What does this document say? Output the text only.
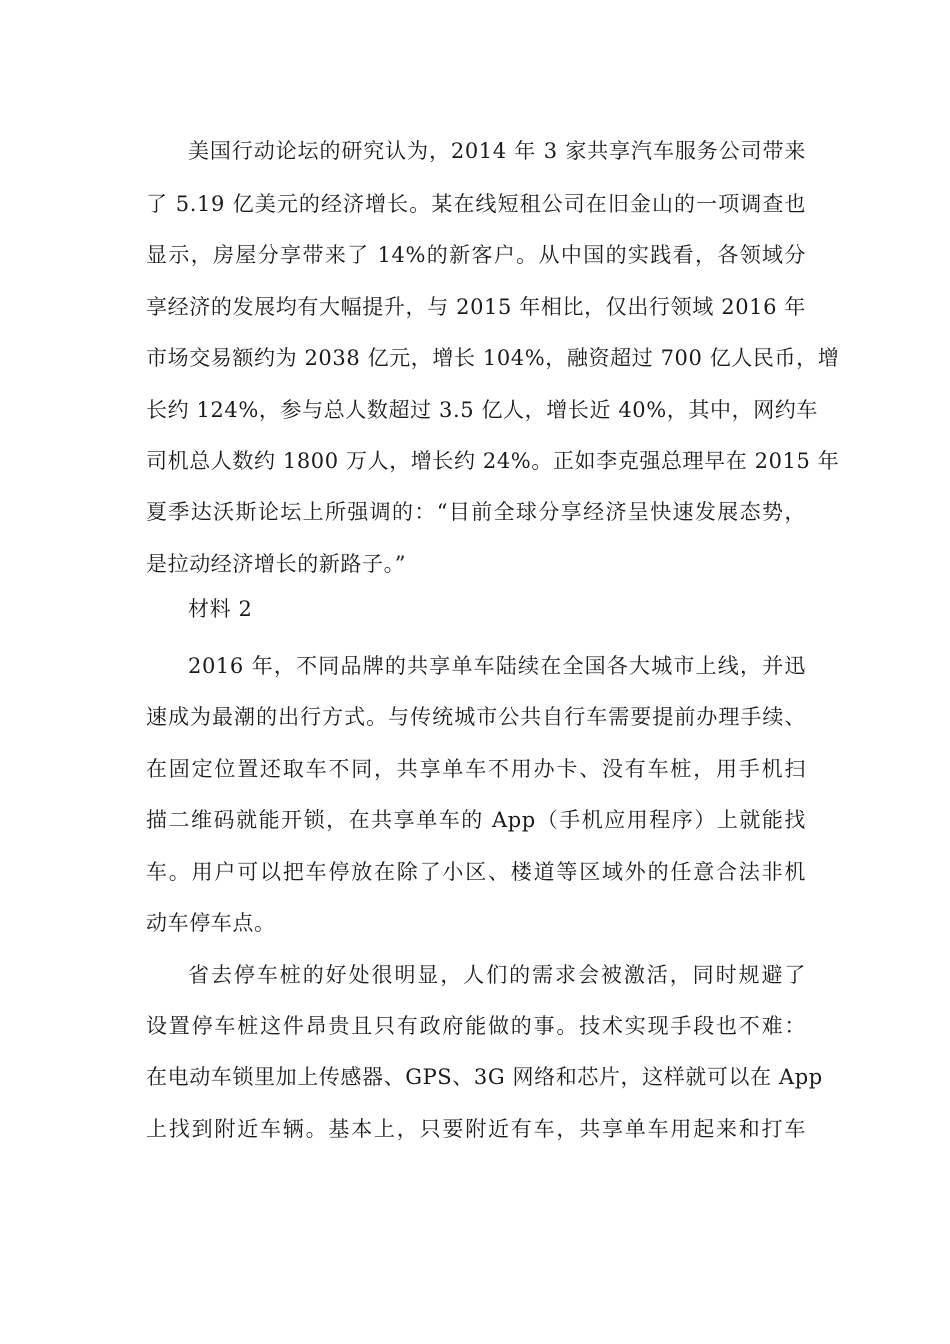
美国行动论坛的研究认为，2014 年 3 家共享汽车服务公司带来
了 5.19 亿美元的经济增长。某在线短租公司在旧金山的一项调查也
显示，房屋分享带来了 14%的新客户。从中国的实践看，各领域分
享经济的发展均有大幅提升，与 2015 年相比，仅出行领域 2016 年
市场交易额约为 2038 亿元，增长 104%，融资超过 700 亿人民币，增
长约 124%，参与总人数超过 3.5 亿人，增长近 40%，其中，网约车
司机总人数约 1800 万人，增长约 24%。正如李克强总理早在 2015 年
夏季达沃斯论坛上所强调的：“目前全球分享经济呈快速发展态势，
是拉动经济增长的新路子。”
材料 2
2016 年，不同品牌的共享单车陆续在全国各大城市上线，并迅
速成为最潮的出行方式。与传统城市公共自行车需要提前办理手续、
在固定位置还取车不同，共享单车不用办卡、没有车桩，用手机扫
描二维码就能开锁，在共享单车的 App（手机应用程序）上就能找
车。用户可以把车停放在除了小区、楼道等区域外的任意合法非机
动车停车点。
省去停车桩的好处很明显，人们的需求会被激活，同时规避了
设置停车桩这件昂贵且只有政府能做的事。技术实现手段也不难：
在电动车锁里加上传感器、GPS、3G 网络和芯片，这样就可以在 App
上找到附近车辆。基本上，只要附近有车，共享单车用起来和打车
